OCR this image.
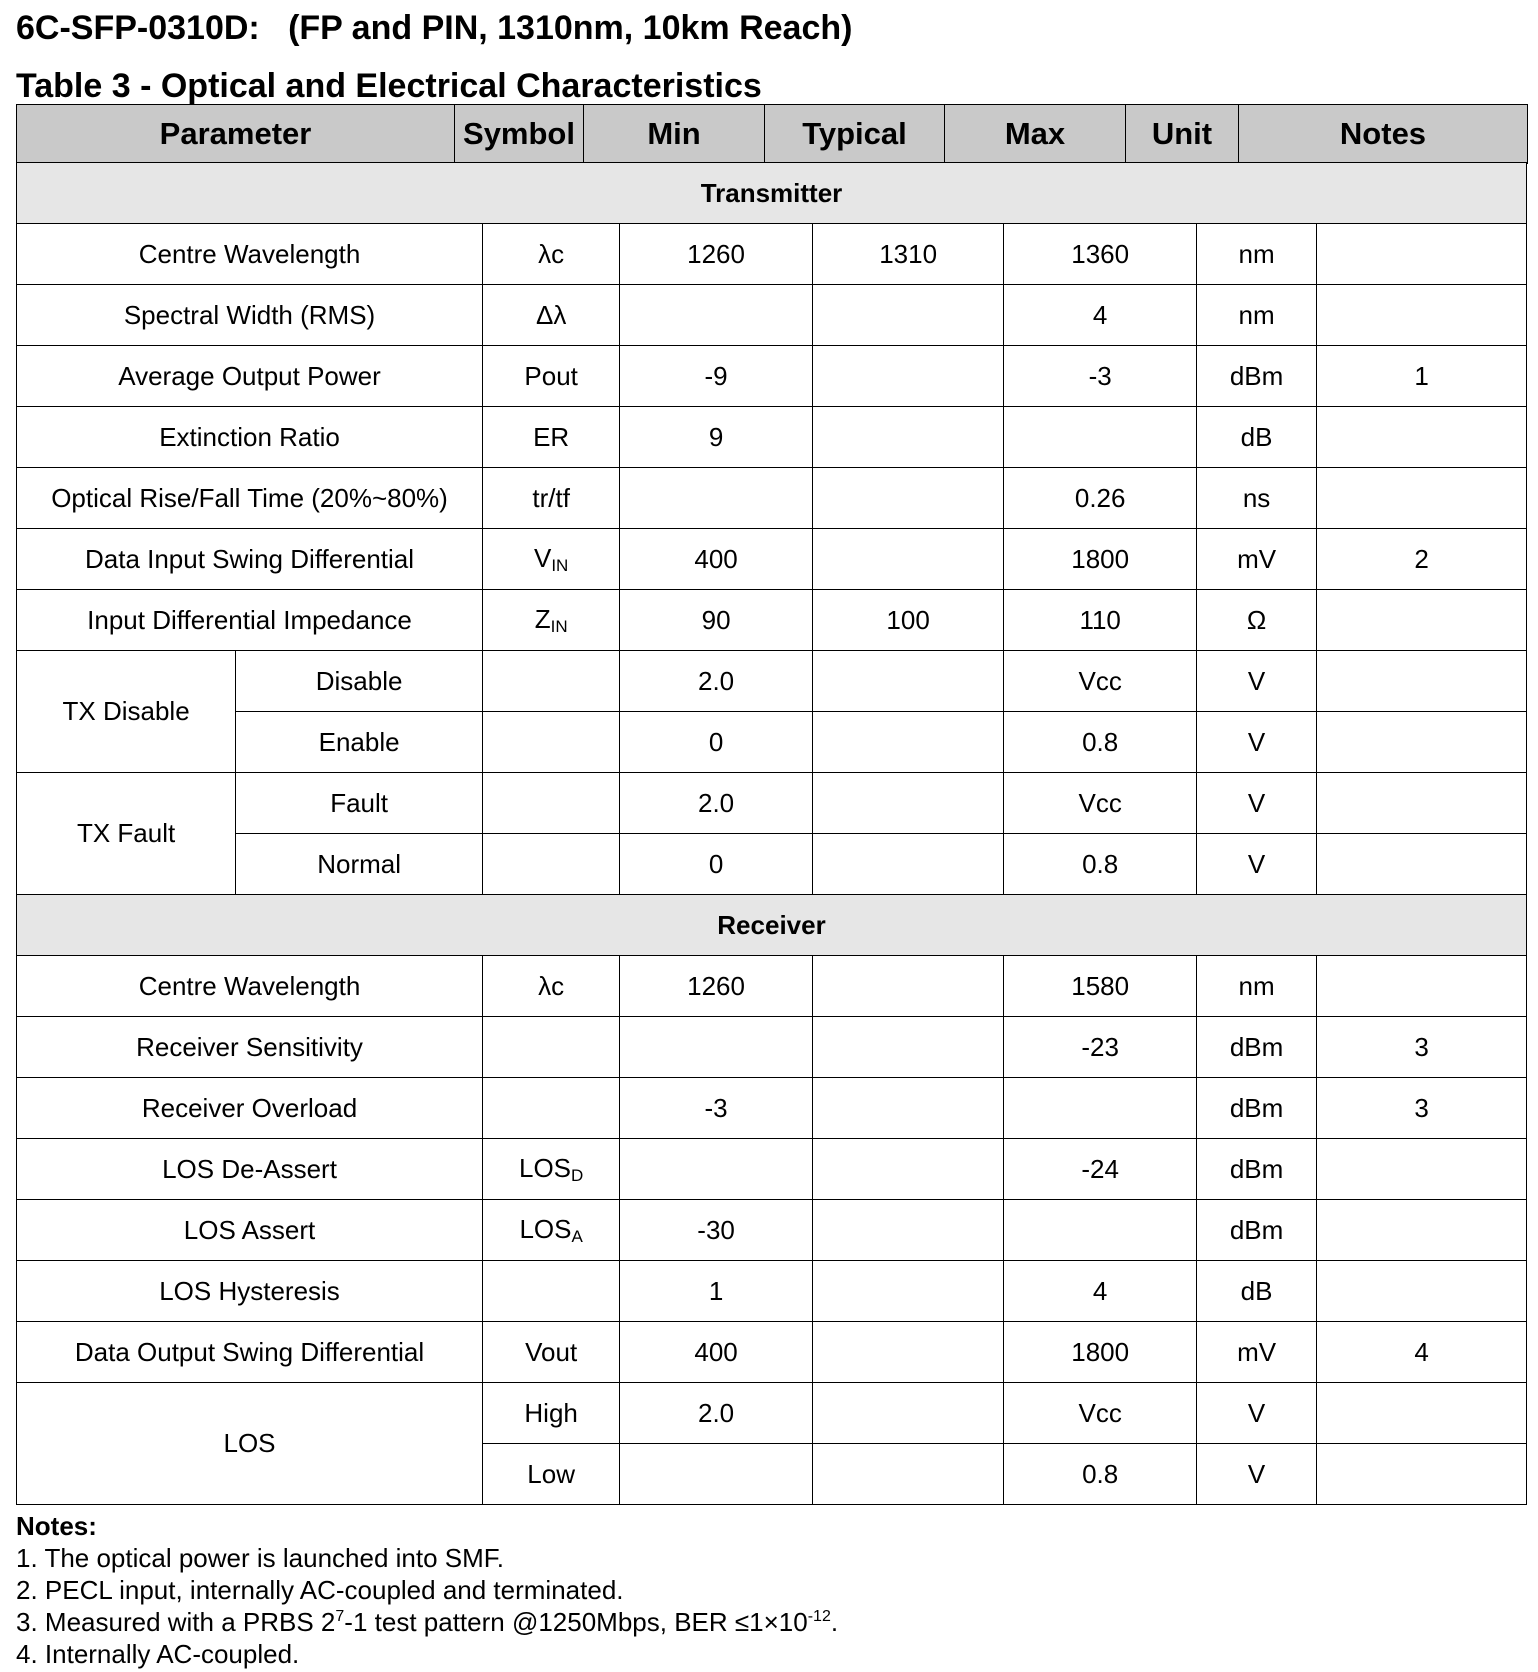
6C-SFP-0310D:   (FP and PIN, 1310nm, 10km Reach)
Table 3 - Optical and Electrical Characteristics
Parameter	Symbol	Min	Typical	Max	Unit	Notes
Transmitter							
Centre Wavelength		λc	1260	1310	1360	nm	
Spectral Width (RMS)		Δλ			4	nm	
Average Output Power		Pout	-9		-3	dBm	1
Extinction Ratio		ER	9			dB	
Optical Rise/Fall Time (20%~80%)		tr/tf			0.26	ns	
Data Input Swing Differential		$V_{IN}$	400		1800	mV	2
Input Differential Impedance		$Z_{IN}$	90	100	110	Ω	
TX Disable	Disable		2.0		Vcc	V	
	Enable		0		0.8	V	
TX Fault	Fault		2.0		Vcc	V	
	Normal		0		0.8	V	
Receiver							
Centre Wavelength		λc	1260		1580	nm	
Receiver Sensitivity					-23	dBm	3
Receiver Overload			-3			dBm	3
LOS De-Assert		$LOS_D$			-24	dBm	
LOS Assert		$LOS_A$	-30			dBm	
LOS Hysteresis			1		4	dB	
Data Output Swing Differential		Vout	400		1800	mV	4
LOS		High	2.0		Vcc	V	
		Low			0.8	V	
Notes:
1. The optical power is launched into SMF.
2. PECL input, internally AC-coupled and terminated.
3. Measured with a PRBS $2^7-1$ test pattern @1250Mbps, BER $\le 1\times 10^{-12}$.
4. Internally AC-coupled.
